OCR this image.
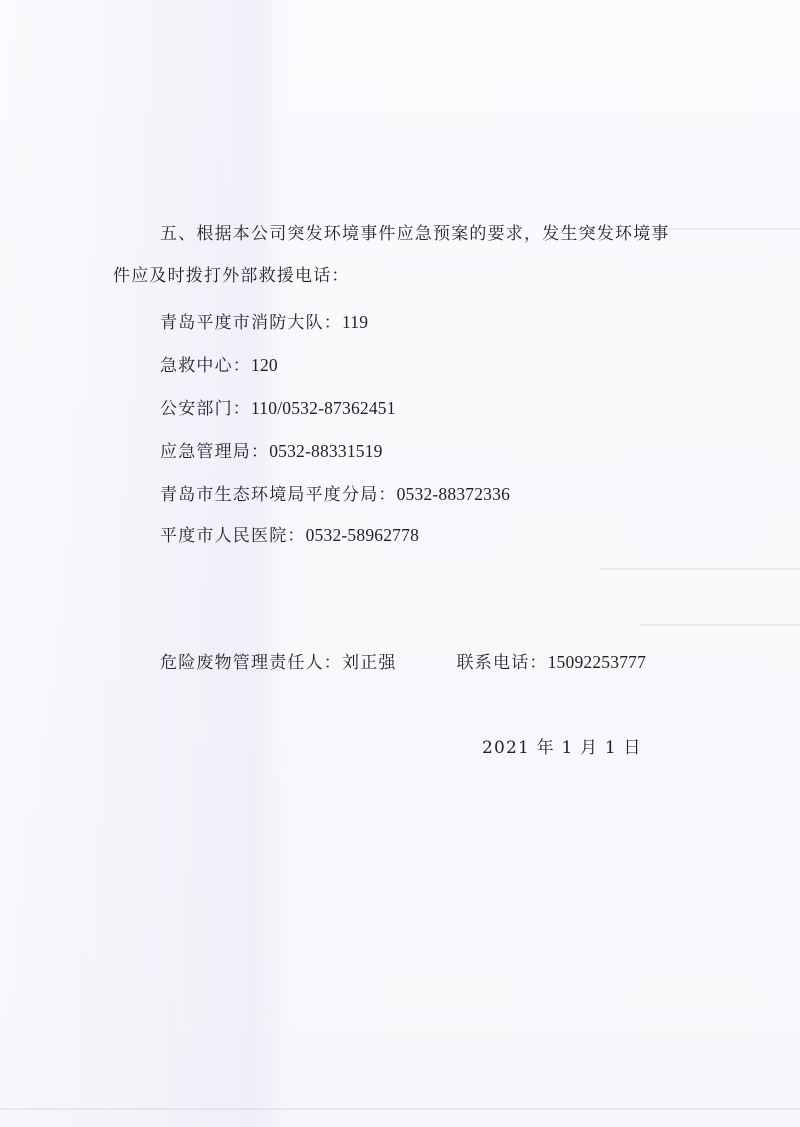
五、根据本公司突发环境事件应急预案的要求，发生突发环境事
件应及时拨打外部救援电话：
青岛平度市消防大队：119
急救中心：120
公安部门：110/0532-87362451
应急管理局：0532-88331519
青岛市生态环境局平度分局：0532-88372336
平度市人民医院：0532-58962778
危险废物管理责任人：刘正强	联系电话：15092253777
2021 年 1 月 1 日
